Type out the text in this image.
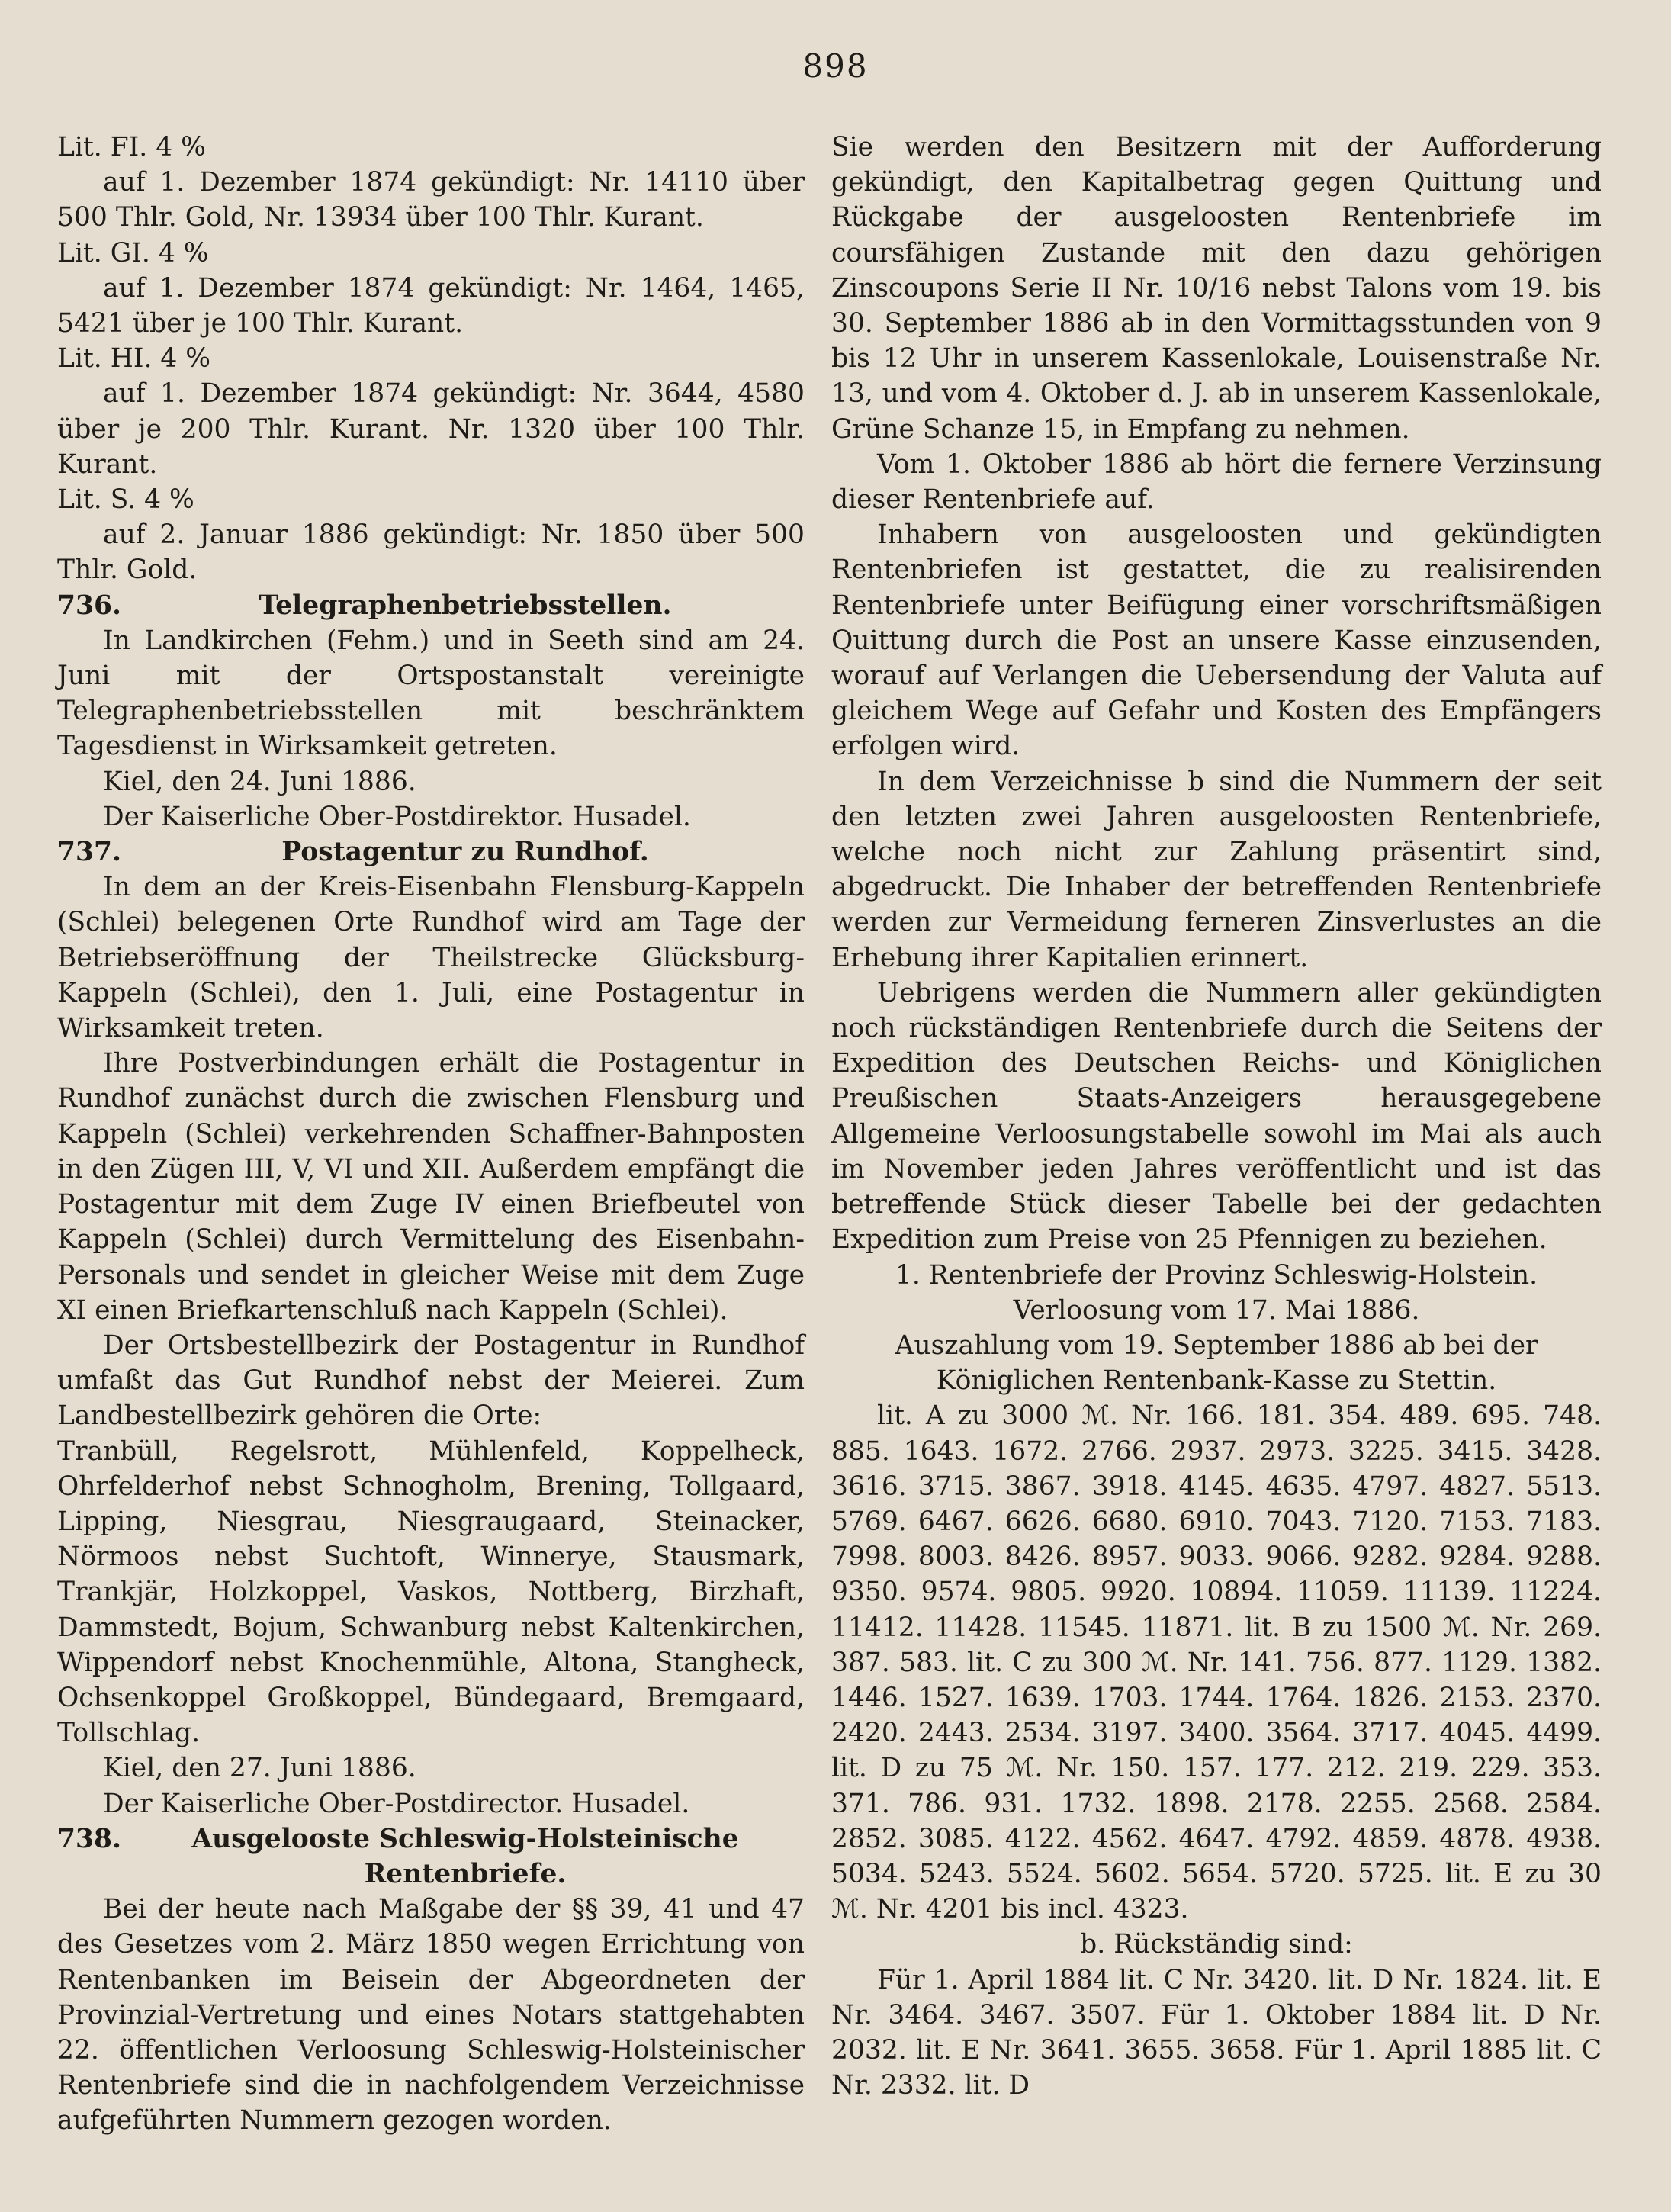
898

Lit. FI. 4 %

auf 1. Dezember 1874 gekündigt: Nr. 14110 über 500 Thlr. Gold, Nr. 13934 über 100 Thlr. Kurant.

Lit. GI. 4 %

auf 1. Dezember 1874 gekündigt: Nr. 1464, 1465, 5421 über je 100 Thlr. Kurant.

Lit. HI. 4 %

auf 1. Dezember 1874 gekündigt: Nr. 3644, 4580 über je 200 Thlr. Kurant. Nr. 1320 über 100 Thlr. Kurant.

Lit. S. 4 %

auf 2. Januar 1886 gekündigt: Nr. 1850 über 500 Thlr. Gold.

736.	Telegraphenbetriebsstellen.

In Landkirchen (Fehm.) und in Seeth sind am 24. Juni mit der Ortspostanstalt vereinigte Telegraphenbetriebsstellen mit beschränktem Tagesdienst in Wirksamkeit getreten.

Kiel, den 24. Juni 1886.

Der Kaiserliche Ober-Postdirektor. Husadel.

737.	Postagentur zu Rundhof.

In dem an der Kreis-Eisenbahn Flensburg-Kappeln (Schlei) belegenen Orte Rundhof wird am Tage der Betriebseröffnung der Theilstrecke Glücksburg-Kappeln (Schlei), den 1. Juli, eine Postagentur in Wirksamkeit treten.

Ihre Postverbindungen erhält die Postagentur in Rundhof zunächst durch die zwischen Flensburg und Kappeln (Schlei) verkehrenden Schaffner-Bahnposten in den Zügen III, V, VI und XII. Außerdem empfängt die Postagentur mit dem Zuge IV einen Briefbeutel von Kappeln (Schlei) durch Vermittelung des Eisenbahn-Personals und sendet in gleicher Weise mit dem Zuge XI einen Briefkartenschluß nach Kappeln (Schlei).

Der Ortsbestellbezirk der Postagentur in Rundhof umfaßt das Gut Rundhof nebst der Meierei. Zum Landbestellbezirk gehören die Orte:

Tranbüll, Regelsrott, Mühlenfeld, Koppelheck, Ohrfelderhof nebst Schnogholm, Brening, Tollgaard, Lipping, Niesgrau, Niesgraugaard, Steinacker, Nörmoos nebst Suchtoft, Winnerye, Stausmark, Trankjär, Holzkoppel, Vaskos, Nottberg, Birzhaft, Dammstedt, Bojum, Schwanburg nebst Kaltenkirchen, Wippendorf nebst Knochenmühle, Altona, Stangheck, Ochsenkoppel Großkoppel, Bündegaard, Bremgaard, Tollschlag.

Kiel, den 27. Juni 1886.

Der Kaiserliche Ober-Postdirector. Husadel.

738.	Ausgelooste Schleswig-Holsteinische Rentenbriefe.

Bei der heute nach Maßgabe der §§ 39, 41 und 47 des Gesetzes vom 2. März 1850 wegen Errichtung von Rentenbanken im Beisein der Abgeordneten der Provinzial-Vertretung und eines Notars stattgehabten 22. öffentlichen Verloosung Schleswig-Holsteinischer Rentenbriefe sind die in nachfolgendem Verzeichnisse aufgeführten Nummern gezogen worden.

Sie werden den Besitzern mit der Aufforderung gekündigt, den Kapitalbetrag gegen Quittung und Rückgabe der ausgeloosten Rentenbriefe im coursfähigen Zustande mit den dazu gehörigen Zinscoupons Serie II Nr. 10/16 nebst Talons vom 19. bis 30. September 1886 ab in den Vormittagsstunden von 9 bis 12 Uhr in unserem Kassenlokale, Louisenstraße Nr. 13, und vom 4. Oktober d. J. ab in unserem Kassenlokale, Grüne Schanze 15, in Empfang zu nehmen.

Vom 1. Oktober 1886 ab hört die fernere Verzinsung dieser Rentenbriefe auf.

Inhabern von ausgeloosten und gekündigten Rentenbriefen ist gestattet, die zu realisirenden Rentenbriefe unter Beifügung einer vorschriftsmäßigen Quittung durch die Post an unsere Kasse einzusenden, worauf auf Verlangen die Uebersendung der Valuta auf gleichem Wege auf Gefahr und Kosten des Empfängers erfolgen wird.

In dem Verzeichnisse b sind die Nummern der seit den letzten zwei Jahren ausgeloosten Rentenbriefe, welche noch nicht zur Zahlung präsentirt sind, abgedruckt. Die Inhaber der betreffenden Rentenbriefe werden zur Vermeidung ferneren Zinsverlustes an die Erhebung ihrer Kapitalien erinnert.

Uebrigens werden die Nummern aller gekündigten noch rückständigen Rentenbriefe durch die Seitens der Expedition des Deutschen Reichs- und Königlichen Preußischen Staats-Anzeigers herausgegebene Allgemeine Verloosungstabelle sowohl im Mai als auch im November jeden Jahres veröffentlicht und ist das betreffende Stück dieser Tabelle bei der gedachten Expedition zum Preise von 25 Pfennigen zu beziehen.

1. Rentenbriefe der Provinz Schleswig-Holstein.

Verloosung vom 17. Mai 1886.

Auszahlung vom 19. September 1886 ab bei der

Königlichen Rentenbank-Kasse zu Stettin.

lit. A zu 3000 ℳ. Nr. 166. 181. 354. 489. 695. 748. 885. 1643. 1672. 2766. 2937. 2973. 3225. 3415. 3428. 3616. 3715. 3867. 3918. 4145. 4635. 4797. 4827. 5513. 5769. 6467. 6626. 6680. 6910. 7043. 7120. 7153. 7183. 7998. 8003. 8426. 8957. 9033. 9066. 9282. 9284. 9288. 9350. 9574. 9805. 9920. 10894. 11059. 11139. 11224. 11412. 11428. 11545. 11871. lit. B zu 1500 ℳ. Nr. 269. 387. 583. lit. C zu 300 ℳ. Nr. 141. 756. 877. 1129. 1382. 1446. 1527. 1639. 1703. 1744. 1764. 1826. 2153. 2370. 2420. 2443. 2534. 3197. 3400. 3564. 3717. 4045. 4499. lit. D zu 75 ℳ. Nr. 150. 157. 177. 212. 219. 229. 353. 371. 786. 931. 1732. 1898. 2178. 2255. 2568. 2584. 2852. 3085. 4122. 4562. 4647. 4792. 4859. 4878. 4938. 5034. 5243. 5524. 5602. 5654. 5720. 5725. lit. E zu 30 ℳ. Nr. 4201 bis incl. 4323.

b. Rückständig sind:

Für 1. April 1884 lit. C Nr. 3420. lit. D Nr. 1824. lit. E Nr. 3464. 3467. 3507. Für 1. Oktober 1884 lit. D Nr. 2032. lit. E Nr. 3641. 3655. 3658. Für 1. April 1885 lit. C Nr. 2332. lit. D
